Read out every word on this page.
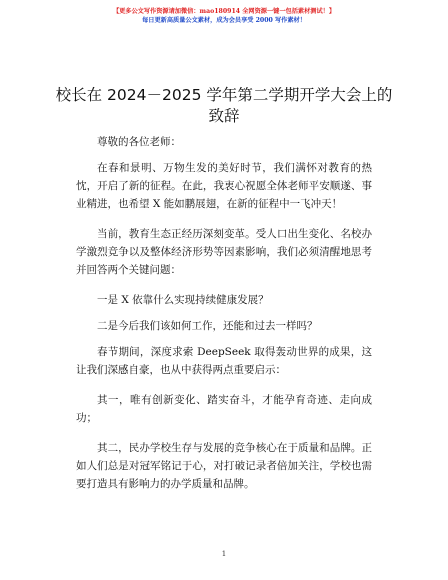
【更多公文写作资源请加微信：mao180914 全网资源一键一包括素材测试！】
每日更新高质量公文素材，成为会员享受 2000 写作素材！
校长在 2024－2025 学年第二学期开学大会上的
致辞

尊敬的各位老师：

在春和景明、万物生发的美好时节，我们满怀对教育的热忱，开启了新的征程。在此，我衷心祝愿全体老师平安顺遂、事业精进，也希望 X 能如鹏展翅，在新的征程中一飞冲天！

当前，教育生态正经历深刻变革。受人口出生变化、名校办学激烈竞争以及整体经济形势等因素影响，我们必须清醒地思考并回答两个关键问题：

一是 X 依靠什么实现持续健康发展？

二是今后我们该如何工作，还能和过去一样吗？

春节期间，深度求索 DeepSeek 取得轰动世界的成果，这让我们深感自豪，也从中获得两点重要启示：

其一，唯有创新变化、踏实奋斗，才能孕育奇迹、走向成功；

其二，民办学校生存与发展的竞争核心在于质量和品牌。正如人们总是对冠军铭记于心，对打破记录者倍加关注，学校也需要打造具有影响力的办学质量和品牌。

1
